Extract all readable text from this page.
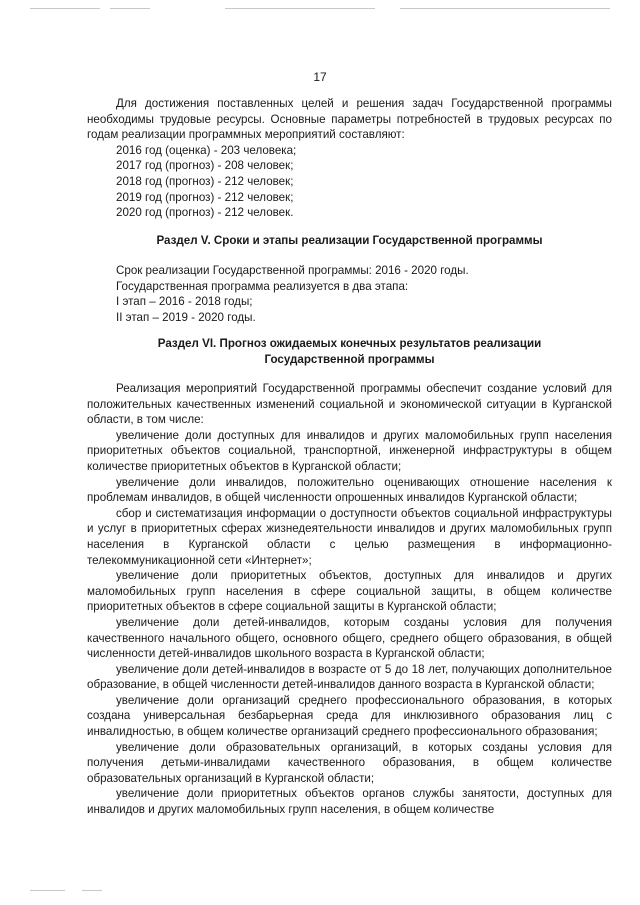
17

Для достижения поставленных целей и решения задач Государственной программы необходимы трудовые ресурсы. Основные параметры потребностей в трудовых ресурсах по годам реализации программных мероприятий составляют:

2016 год (оценка) - 203 человека;
2017 год (прогноз) - 208 человек;
2018 год (прогноз) - 212 человек;
2019 год (прогноз) - 212 человек;
2020 год (прогноз) - 212 человек.
Раздел V. Сроки и этапы реализации Государственной программы
Срок реализации Государственной программы: 2016 - 2020 годы.
Государственная программа реализуется в два этапа:
I этап – 2016 - 2018 годы;
II этап – 2019 - 2020 годы.
Раздел VI. Прогноз ожидаемых конечных результатов реализации
Государственной программы

Реализация мероприятий Государственной программы обеспечит создание условий для положительных качественных изменений социальной и экономической ситуации в Курганской области, в том числе:

увеличение доли доступных для инвалидов и других маломобильных групп населения приоритетных объектов социальной, транспортной, инженерной инфраструктуры в общем количестве приоритетных объектов в Курганской области;

увеличение доли инвалидов, положительно оценивающих отношение населения к проблемам инвалидов, в общей численности опрошенных инвалидов Курганской области;

сбор и систематизация информации о доступности объектов социальной инфраструктуры и услуг в приоритетных сферах жизнедеятельности инвалидов и других маломобильных групп населения в Курганской области с целью размещения в информационно-телекоммуникационной сети «Интернет»;

увеличение доли приоритетных объектов, доступных для инвалидов и других маломобильных групп населения в сфере социальной защиты, в общем количестве приоритетных объектов в сфере социальной защиты в Курганской области;

увеличение доли детей-инвалидов, которым созданы условия для получения качественного начального общего, основного общего, среднего общего образования, в общей численности детей-инвалидов школьного возраста в Курганской области;

увеличение доли детей-инвалидов в возрасте от 5 до 18 лет, получающих дополнительное образование, в общей численности детей-инвалидов данного возраста в Курганской области;

увеличение доли организаций среднего профессионального образования, в которых создана универсальная безбарьерная среда для инклюзивного образования лиц с инвалидностью, в общем количестве организаций среднего профессионального образования;

увеличение доли образовательных организаций, в которых созданы условия для получения детьми-инвалидами качественного образования, в общем количестве образовательных организаций в Курганской области;

увеличение доли приоритетных объектов органов службы занятости, доступных для инвалидов и других маломобильных групп населения, в общем количестве
